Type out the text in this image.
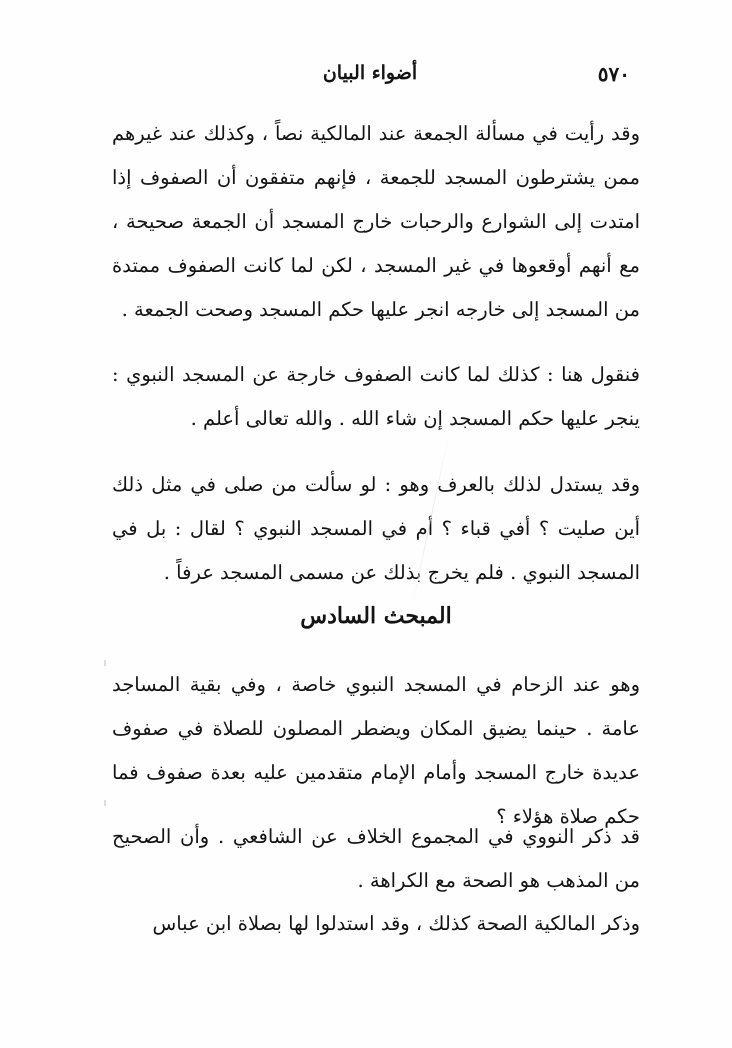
٥٧٠
أضواء البيان

وقد رأيت في مسألة الجمعة عند المالكية نصاً ، وكذلك عند غيرهم ممن يشترطون المسجد للجمعة ، فإنهم متفقون أن الصفوف إذا امتدت إلى الشوارع والرحبات خارج المسجد أن الجمعة صحيحة ، مع أنهم أوقعوها في غير المسجد ، لكن لما كانت الصفوف ممتدة من المسجد إلى خارجه انجر عليها حكم المسجد وصحت الجمعة .

فنقول هنا : كذلك لما كانت الصفوف خارجة عن المسجد النبوي : ينجر عليها حكم المسجد إن شاء الله . والله تعالى أعلم .

وقد يستدل لذلك بالعرف وهو : لو سألت من صلى في مثل ذلك أين صليت ؟ أفي قباء ؟ أم في المسجد النبوي ؟ لقال : بل في المسجد النبوي . فلم يخرج بذلك عن مسمى المسجد عرفاً .

المبحث السادس

وهو عند الزحام في المسجد النبوي خاصة ، وفي بقية المساجد عامة . حينما يضيق المكان ويضطر المصلون للصلاة في صفوف عديدة خارج المسجد وأمام الإمام متقدمين عليه بعدة صفوف فما حكم صلاة هؤلاء ؟

قد ذكر النووي في المجموع الخلاف عن الشافعي . وأن الصحيح من المذهب هو الصحة مع الكراهة .

وذكر المالكية الصحة كذلك ، وقد استدلوا لها بصلاة ابن عباس
